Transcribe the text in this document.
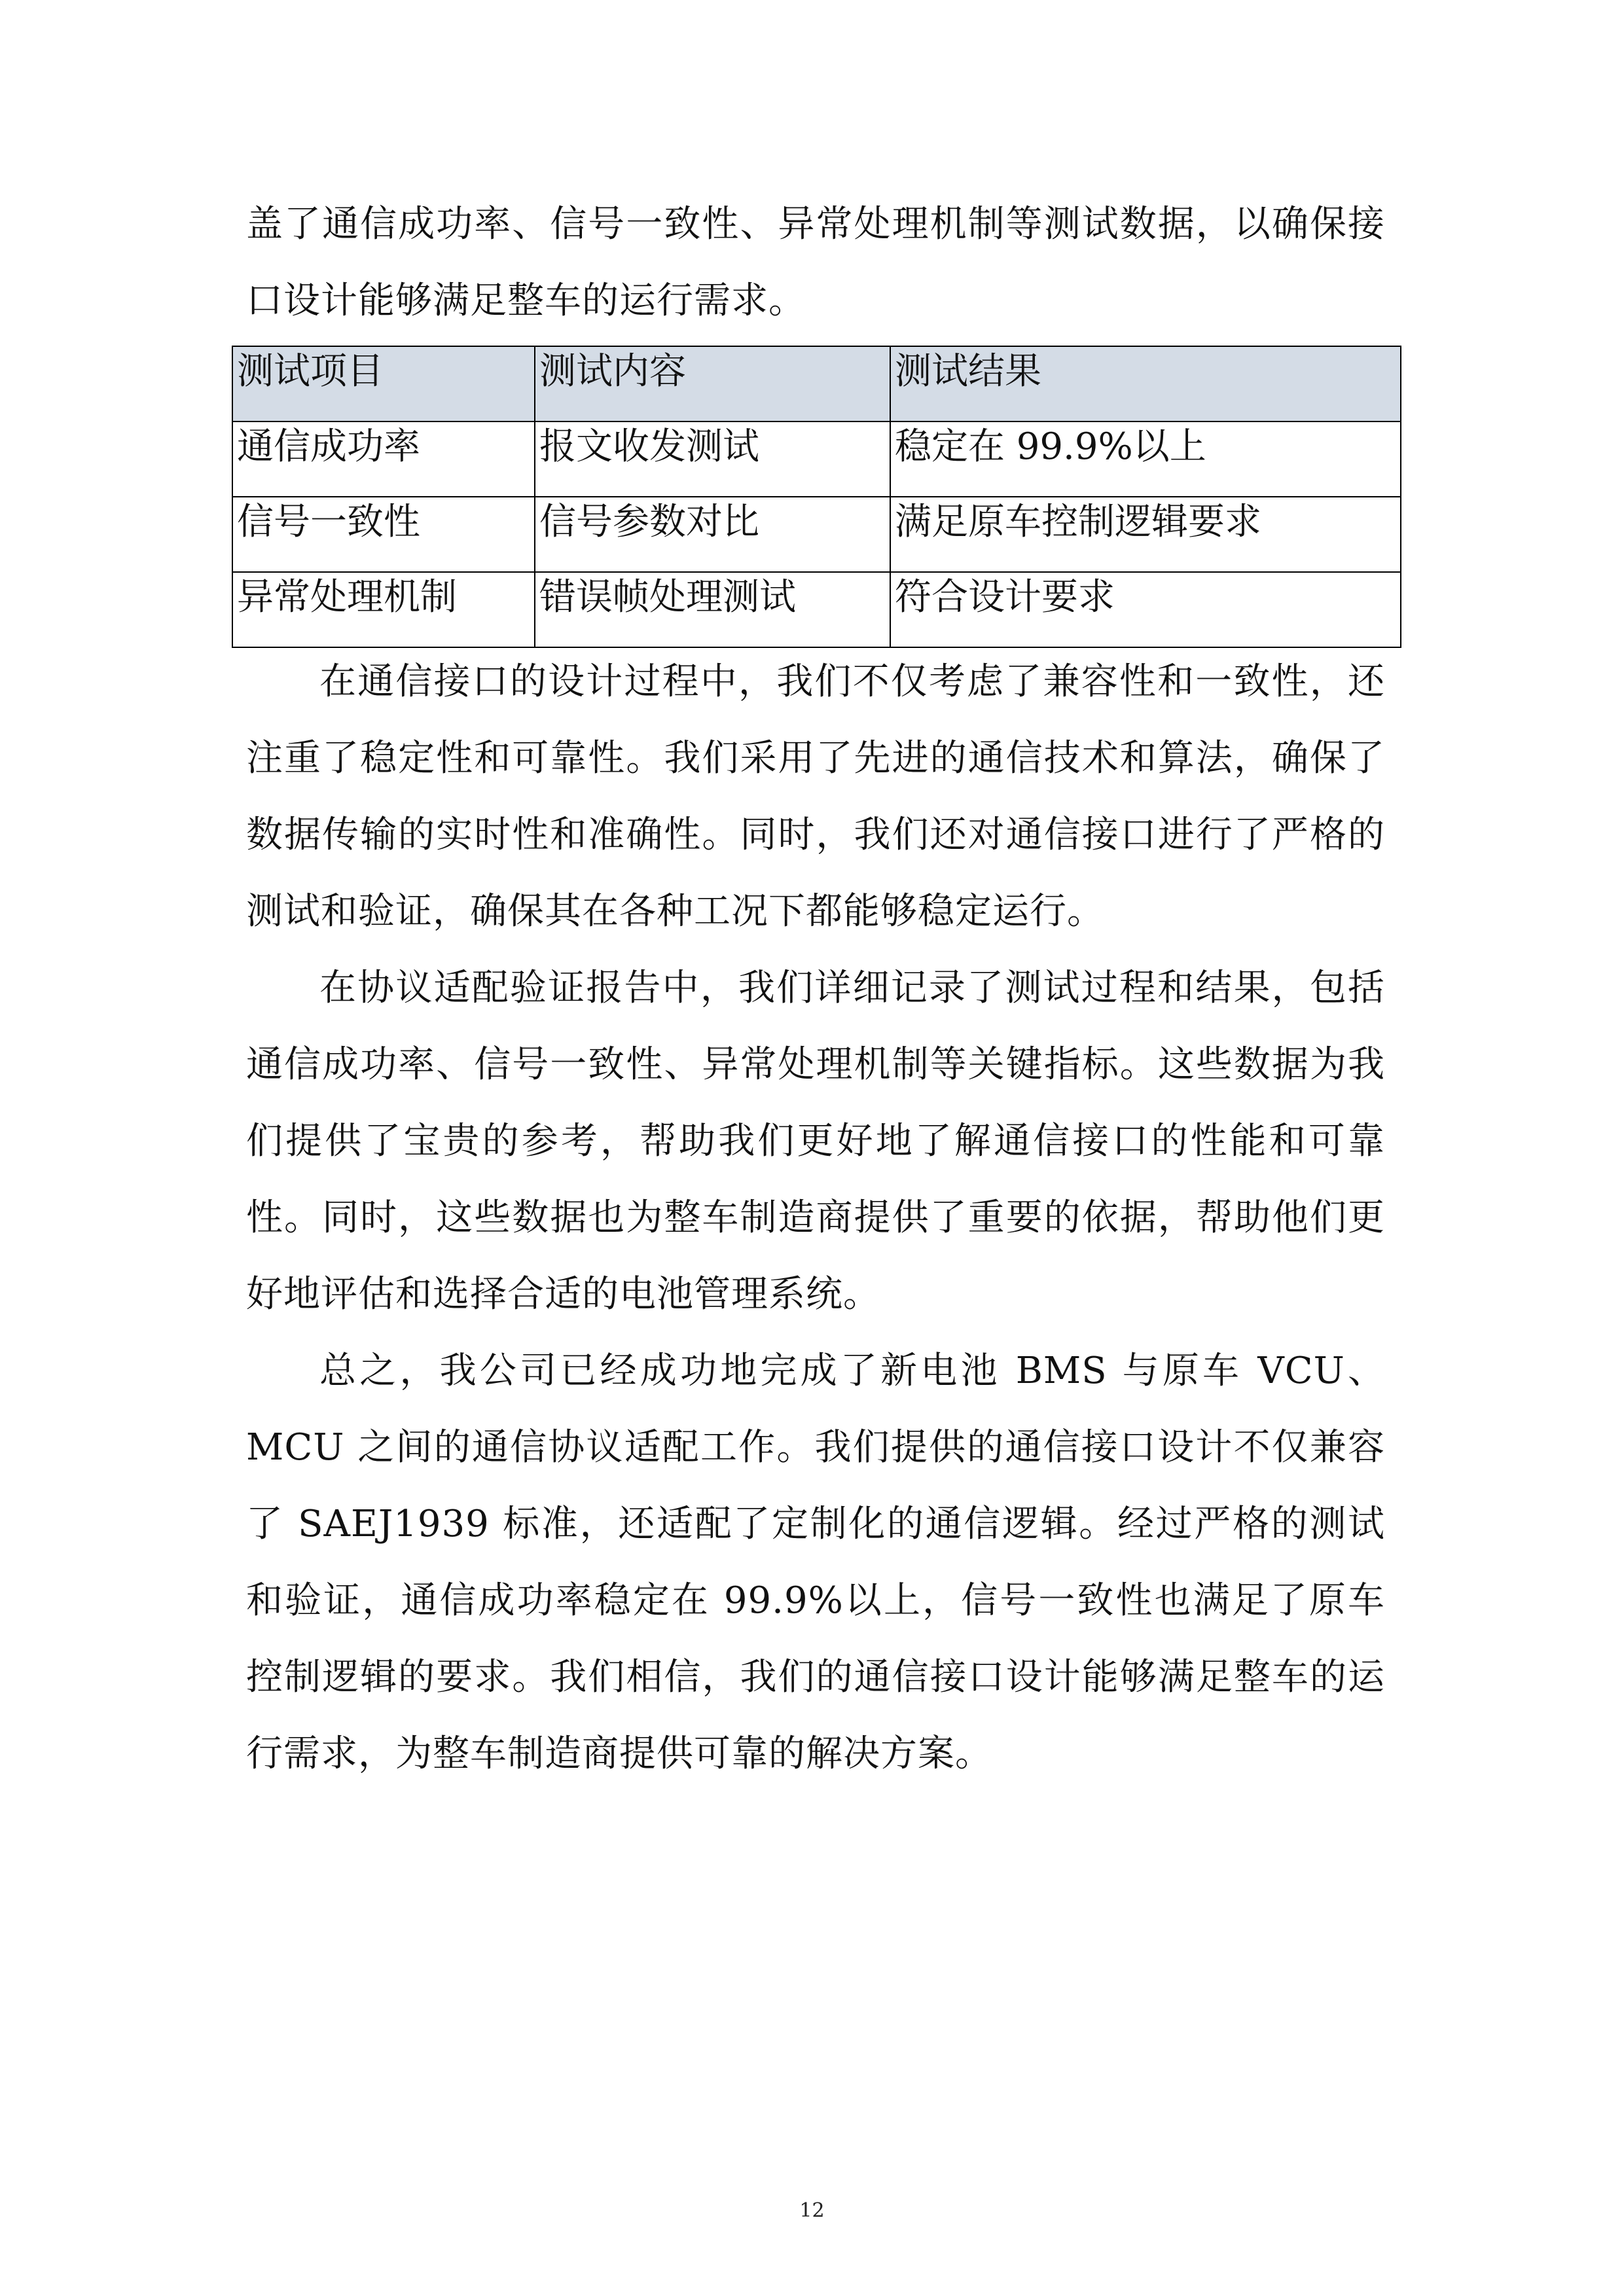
盖了通信成功率、信号一致性、异常处理机制等测试数据，以确保接口设计能够满足整车的运行需求。

测试项目	测试内容	测试结果
通信成功率	报文收发测试	稳定在 99.9%以上
信号一致性	信号参数对比	满足原车控制逻辑要求
异常处理机制	错误帧处理测试	符合设计要求

在通信接口的设计过程中，我们不仅考虑了兼容性和一致性，还注重了稳定性和可靠性。我们采用了先进的通信技术和算法，确保了数据传输的实时性和准确性。同时，我们还对通信接口进行了严格的测试和验证，确保其在各种工况下都能够稳定运行。

在协议适配验证报告中，我们详细记录了测试过程和结果，包括通信成功率、信号一致性、异常处理机制等关键指标。这些数据为我们提供了宝贵的参考，帮助我们更好地了解通信接口的性能和可靠性。同时，这些数据也为整车制造商提供了重要的依据，帮助他们更好地评估和选择合适的电池管理系统。

总之，我公司已经成功地完成了新电池 BMS 与原车 VCU、MCU 之间的通信协议适配工作。我们提供的通信接口设计不仅兼容了 SAEJ1939 标准，还适配了定制化的通信逻辑。经过严格的测试和验证，通信成功率稳定在 99.9%以上，信号一致性也满足了原车控制逻辑的要求。我们相信，我们的通信接口设计能够满足整车的运行需求，为整车制造商提供可靠的解决方案。

12
